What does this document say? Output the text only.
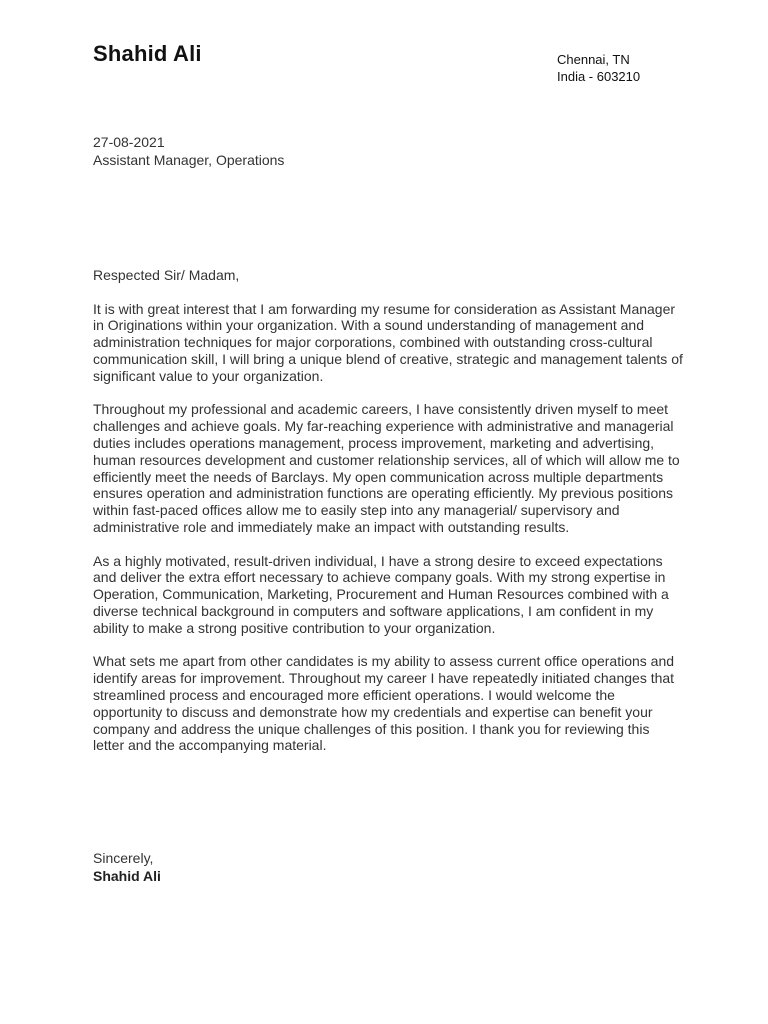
Shahid Ali	Chennai, TN
India - 603210
27-08-2021
Assistant Manager, Operations

Respected Sir/ Madam,

It is with great interest that I am forwarding my resume for consideration as Assistant Manager in Originations within your organization. With a sound understanding of management and administration techniques for major corporations, combined with outstanding cross-cultural communication skill, I will bring a unique blend of creative, strategic and management talents of significant value to your organization.

Throughout my professional and academic careers, I have consistently driven myself to meet challenges and achieve goals. My far-reaching experience with administrative and managerial duties includes operations management, process improvement, marketing and advertising, human resources development and customer relationship services, all of which will allow me to efficiently meet the needs of Barclays. My open communication across multiple departments ensures operation and administration functions are operating efficiently. My previous positions within fast-paced offices allow me to easily step into any managerial/ supervisory and administrative role and immediately make an impact with outstanding results.

As a highly motivated, result-driven individual, I have a strong desire to exceed expectations and deliver the extra effort necessary to achieve company goals. With my strong expertise in Operation, Communication, Marketing, Procurement and Human Resources combined with a diverse technical background in computers and software applications, I am confident in my ability to make a strong positive contribution to your organization.

What sets me apart from other candidates is my ability to assess current office operations and identify areas for improvement. Throughout my career I have repeatedly initiated changes that streamlined process and encouraged more efficient operations. I would welcome the opportunity to discuss and demonstrate how my credentials and expertise can benefit your company and address the unique challenges of this position. I thank you for reviewing this letter and the accompanying material.

Sincerely,
Shahid Ali
